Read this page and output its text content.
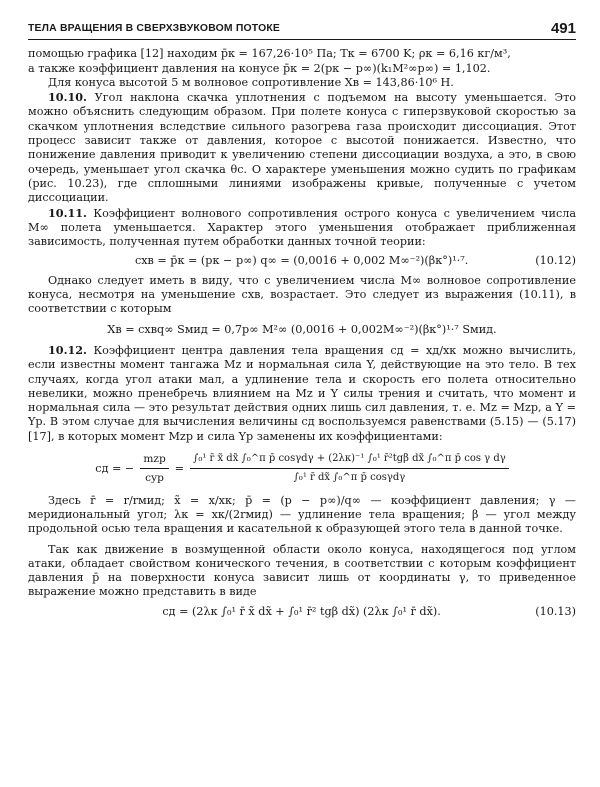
ТЕЛА ВРАЩЕНИЯ В СВЕРХЗВУКОВОМ ПОТОКЕ	491

помощью графика [12] находим p̄к = 167,26·10⁵ Па; Tк = 6700 K; ρк = 6,16 кг/м³,

а также коэффициент давления на конусе p̄к = 2(pк − p∞)(k₁M²∞p∞) = 1,102.

Для конуса высотой 5 м волновое сопротивление Xв = 143,86·10⁶ Н.

10.10. Угол наклона скачка уплотнения с подъемом на высоту уменьшается. Это можно объяснить следующим образом. При полете конуса с гиперзвуковой скоростью за скачком уплотнения вследствие сильного разогрева газа происходит диссоциация. Этот процесс зависит также от давления, которое с высотой понижается. Известно, что понижение давления приводит к увеличению степени диссоциации воздуха, а это, в свою очередь, уменьшает угол скачка θс. О характере уменьшения можно судить по графикам (рис. 10.23), где сплошными линиями изображены кривые, полученные с учетом диссоциации.

10.11. Коэффициент волнового сопротивления острого конуса с увеличением числа M∞ полета уменьшается. Характер этого уменьшения отображает приближенная зависимость, полученная путем обработки данных точной теории:

cxв = p̄к = (pк − p∞) q∞ = (0,0016 + 0,002 M∞⁻²)(βк°)¹·⁷.	(10.12)

Однако следует иметь в виду, что с увеличением числа M∞ волновое сопротивление конуса, несмотря на уменьшение cxв, возрастает. Это следует из выражения (10.11), в соответствии с которым

Xв = cxвq∞ Sмид = 0,7p∞ M²∞ (0,0016 + 0,002M∞⁻²)(βк°)¹·⁷ Sмид.

10.12. Коэффициент центра давления тела вращения cд = xд/xк можно вычислить, если известны момент тангажа Mz и нормальная сила Y, действующие на это тело. В тех случаях, когда угол атаки мал, а удлинение тела и скорость его полета относительно невелики, можно пренебречь влиянием на Mz и Y силы трения и считать, что момент и нормальная сила — это результат действия одних лишь сил давления, т. е. Mz = Mzp, а Y = Yp. В этом случае для вычисления величины cд воспользуемся равенствами (5.15) — (5.17) [17], в которых момент Mzp и сила Yp заменены их коэффициентами:

cд = − $\frac{\text{mzp}}{\text{cyp}}$ =
∫₀¹ r̄ x̃ dx̃ ∫₀^π p̄ cosγdγ + (2λк)⁻¹ ∫₀¹ r̄²tgβ dx̃ ∫₀^π p̄ cos γ dγ
∫₀¹ r̄ dx̃ ∫₀^π p̄ cosγdγ

Здесь r̄ = r/rмид; x̃ = x/xк; p̄ = (p − p∞)/q∞ — коэффициент давления; γ — меридиональный угол; λк = xк/(2rмид) — удлинение тела вращения; β — угол между продольной осью тела вращения и касательной к образующей этого тела в данной точке.

Так как движение в возмущенной области около конуса, находящегося под углом атаки, обладает свойством конического течения, в соответствии с которым коэффициент давления p̄ на поверхности конуса зависит лишь от координаты γ, то приведенное выражение можно представить в виде

cд = (2λк ∫₀¹ r̄ x̃ dx̃ + ∫₀¹ r̄² tgβ dx̃) (2λк ∫₀¹ r̄ dx̃).	(10.13)
